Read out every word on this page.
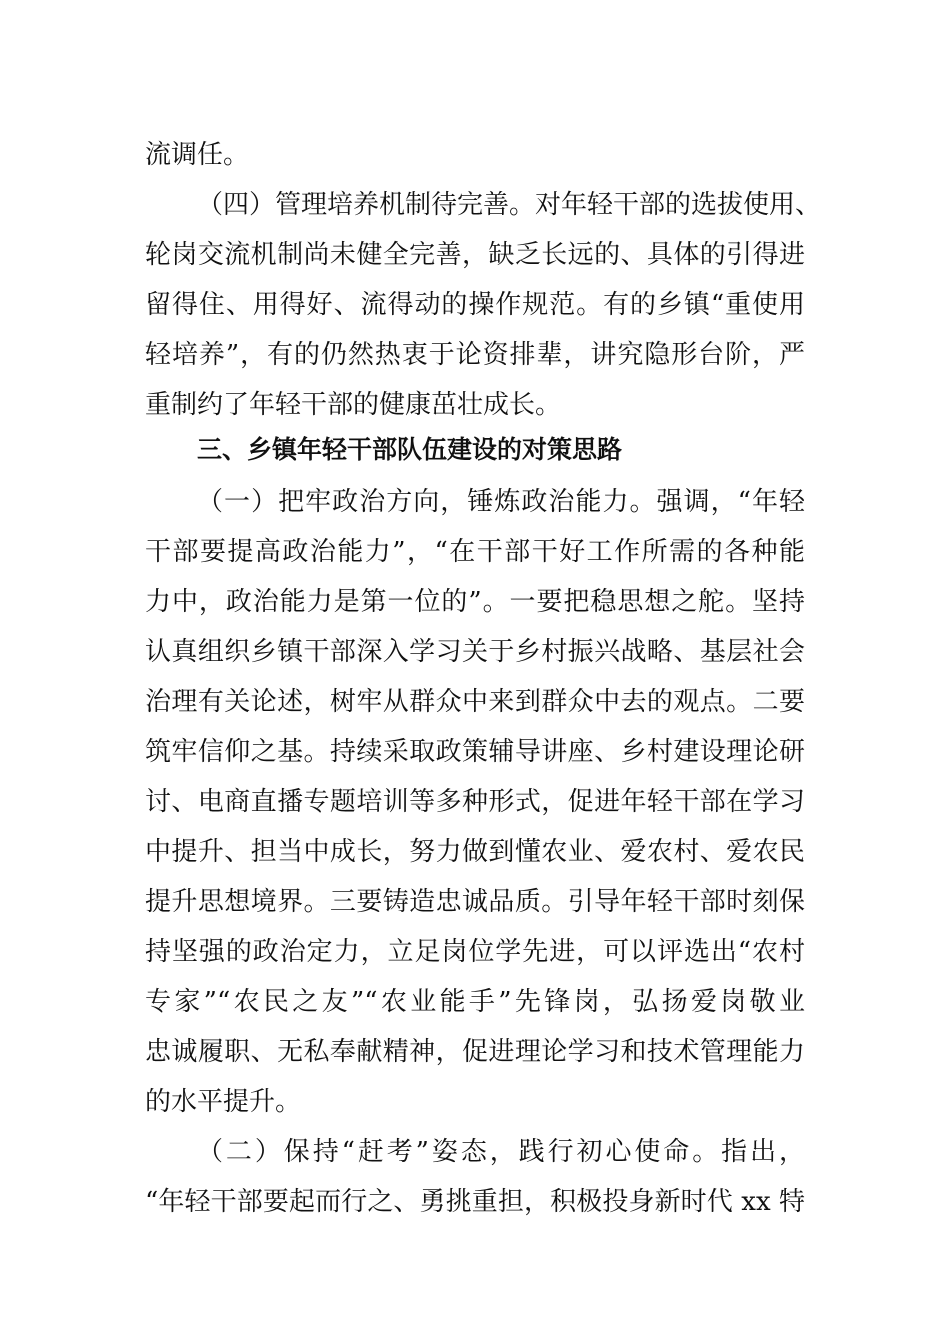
流调任。
（四）管理培养机制待完善。对年轻干部的选拔使用、
轮岗交流机制尚未健全完善，缺乏长远的、具体的引得进
留得住、用得好、流得动的操作规范。有的乡镇“重使用
轻培养”，有的仍然热衷于论资排辈，讲究隐形台阶，严
重制约了年轻干部的健康茁壮成长。
三、乡镇年轻干部队伍建设的对策思路
（一）把牢政治方向，锤炼政治能力。强调，“年轻
干部要提高政治能力”，“在干部干好工作所需的各种能
力中，政治能力是第一位的”。一要把稳思想之舵。坚持
认真组织乡镇干部深入学习关于乡村振兴战略、基层社会
治理有关论述，树牢从群众中来到群众中去的观点。二要
筑牢信仰之基。持续采取政策辅导讲座、乡村建设理论研
讨、电商直播专题培训等多种形式，促进年轻干部在学习
中提升、担当中成长，努力做到懂农业、爱农村、爱农民
提升思想境界。三要铸造忠诚品质。引导年轻干部时刻保
持坚强的政治定力，立足岗位学先进，可以评选出“农村
专家”“农民之友”“农业能手”先锋岗，弘扬爱岗敬业
忠诚履职、无私奉献精神，促进理论学习和技术管理能力
的水平提升。
（二）保持“赶考”姿态，践行初心使命。指出，
“年轻干部要起而行之、勇挑重担，积极投身新时代 xx 特
